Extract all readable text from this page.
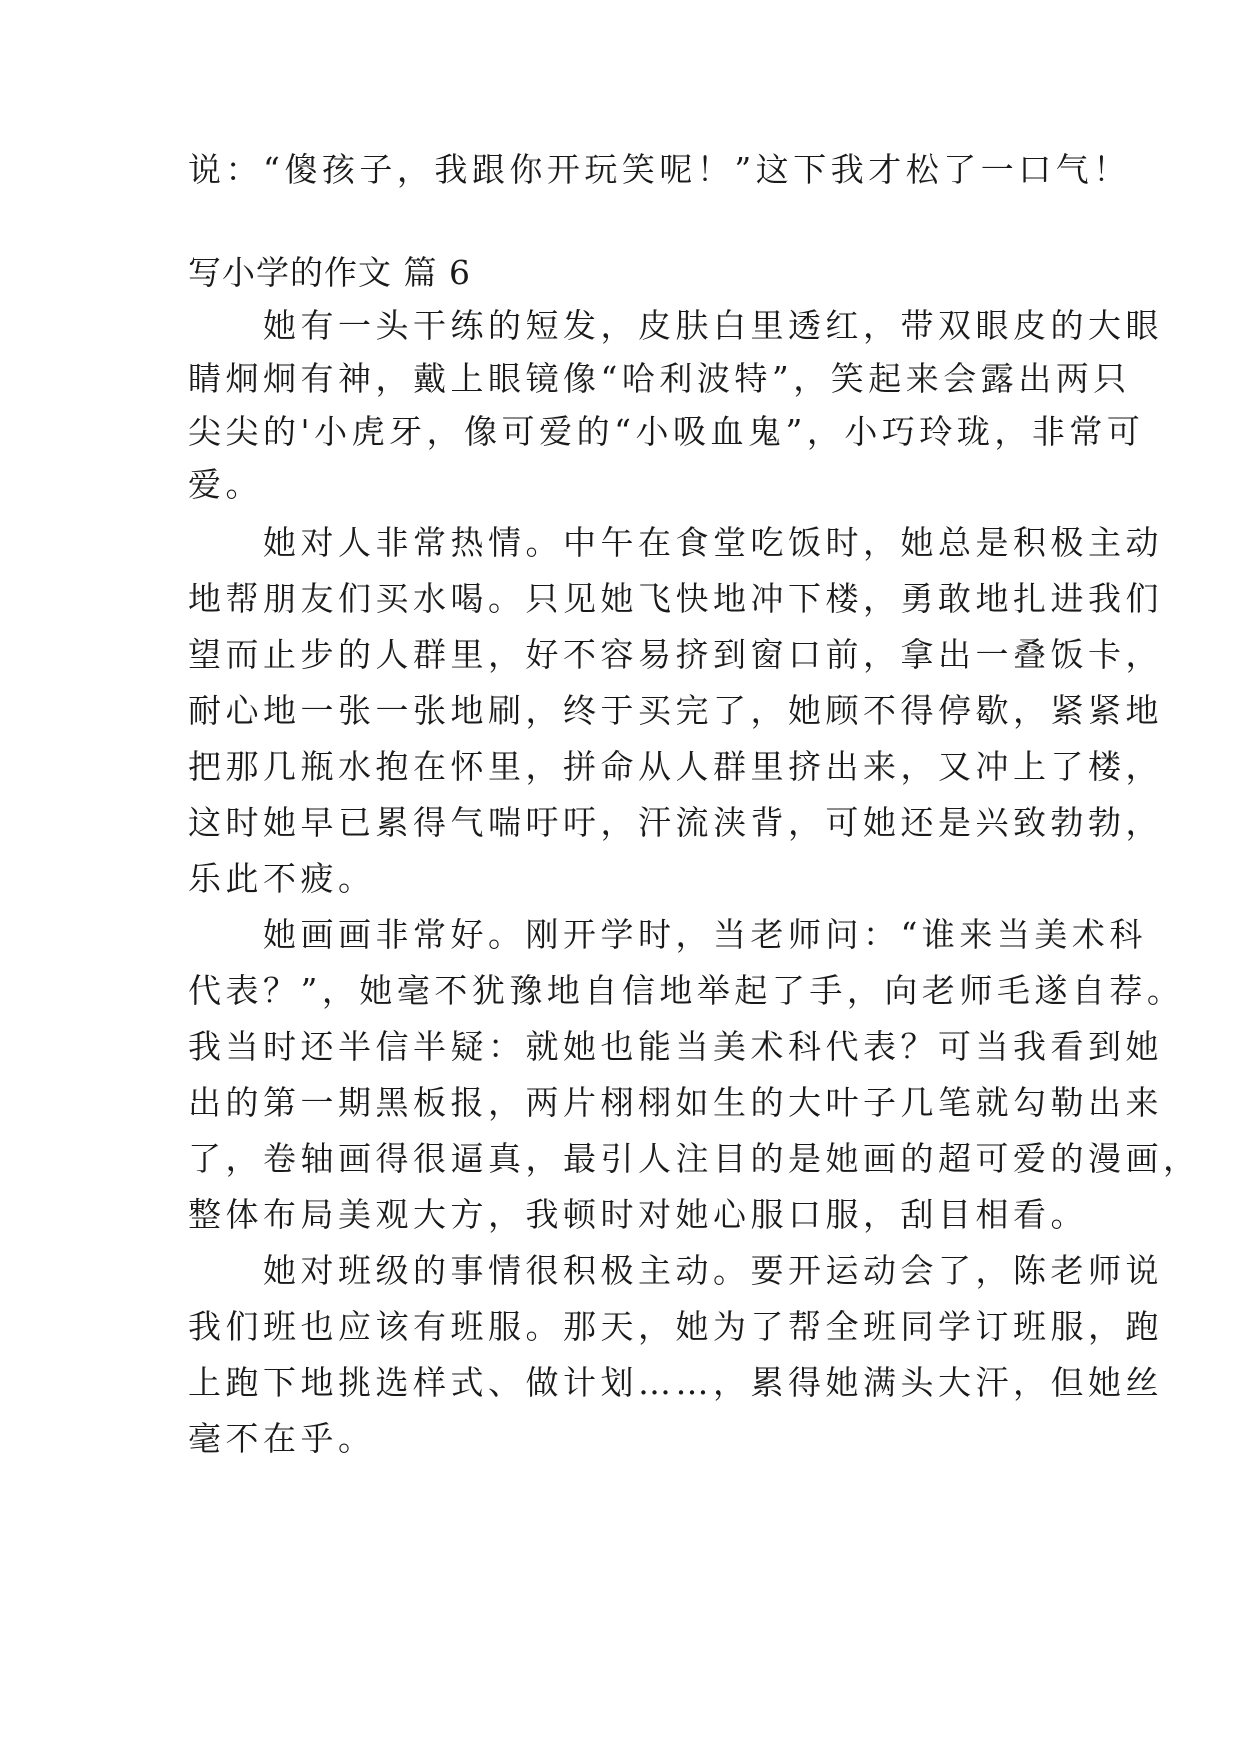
说：“傻孩子，我跟你开玩笑呢！”这下我才松了一口气！
写小学的作文 篇 6
　　她有一头干练的短发，皮肤白里透红，带双眼皮的大眼
睛炯炯有神，戴上眼镜像“哈利波特”，笑起来会露出两只
尖尖的'小虎牙，像可爱的“小吸血鬼”，小巧玲珑，非常可
爱。
　　她对人非常热情。中午在食堂吃饭时，她总是积极主动
地帮朋友们买水喝。只见她飞快地冲下楼，勇敢地扎进我们
望而止步的人群里，好不容易挤到窗口前，拿出一叠饭卡，
耐心地一张一张地刷，终于买完了，她顾不得停歇，紧紧地
把那几瓶水抱在怀里，拼命从人群里挤出来，又冲上了楼，
这时她早已累得气喘吁吁，汗流浃背，可她还是兴致勃勃，
乐此不疲。
　　她画画非常好。刚开学时，当老师问：“谁来当美术科
代表？”，她毫不犹豫地自信地举起了手，向老师毛遂自荐。
我当时还半信半疑：就她也能当美术科代表？可当我看到她
出的第一期黑板报，两片栩栩如生的大叶子几笔就勾勒出来
了，卷轴画得很逼真，最引人注目的是她画的超可爱的漫画，
整体布局美观大方，我顿时对她心服口服，刮目相看。
　　她对班级的事情很积极主动。要开运动会了，陈老师说
我们班也应该有班服。那天，她为了帮全班同学订班服，跑
上跑下地挑选样式、做计划……，累得她满头大汗，但她丝
毫不在乎。
